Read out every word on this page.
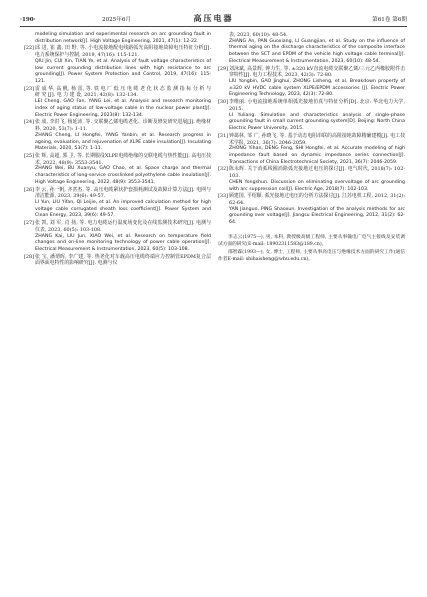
·190·	2025年6月	高压电器	第61卷 第6期

modeling simulation and experimental research on arc grounding fault in distribution network[J]. High Voltage Engineering, 2021, 47(1): 12-22.

[22] 邱 进, 崔 鑫, 田 野, 等. 小电流接地配电线路弧光高阻接地故障电压特征分析[J]. 电力系统保护与控制, 2019, 47(16): 115-121.

QIU Jin, CUI Xin, TIAN Ye, et al. Analysis of fault voltage characteristics of low current grounding distribution lines with high resistance to arc grounding[J]. Power System Protection and Control, 2019, 47(16): 115-121.

[23] 雷 成 华, 高 帆, 杨 雷, 等. 铁 电 厂 低 压 电 缆 老 化 状 态 监 测 指 标 分 析 与 研 究 [J]. 电 力 建 设, 2021, 42(8): 132-134.

LEI Cheng, GAO Fan, YANG Lei, et al. Analysis and research monitoring index of aging status of low-voltage cable in the nuclear power plant[J]. Electric Power Engineering, 2023(8): 132-134.

[24] 张 成, 李洪飞, 杨延沛, 等. 交联聚乙烯电缆老化、诊断及修复研究进展[J]. 绝缘材料, 2020, 53(7): 1-11.

ZHANG Cheng, LI Hongfei, YANG Yanbin, et al. Research progress in ageing, evaluation, and rejuvenation of XLPE cable insulation[J]. Insulating Materials, 2020, 53(7): 1-11.

[25] 张 辉, 高超, 郭 卫, 等. 长期服役XLPE电缆绝缘的交联电缆与热性能[J]. 高电压技术, 2022, 48(9): 3553-3541.

ZHANG Wei, BU Xuanyu, GAO Chao, et al. Space charge and thermal characteristics of long-service crosslinked polyethylene cable insulation[J]. High Voltage Engineering, 2022, 48(9): 3553-3541.

[26] 李 云, 孙一帆, 齐甚杰, 等. 高压电缆紧状护套损耗测试及故障计算方法[J]. 电网与清洁能源, 2023, 39(6): 49-57.

LI Yun, LIU Yifan, QI Leijie, et al. An improved calculation method for high voltage cable corrugated sheath loss coefficient[J]. Power System and Clean Energy, 2023, 39(6): 49-57.

[27] 张 凯, 刘 军, 肖 扬, 等. 电力电缆运行温度场变化及在线监测技术研究[J]. 电测与仪表, 2023, 60(5): 103-108.

ZHANG Kai, LIU Jun, XIAO Wei, et al. Research on temperature field changes and on-line monitoring technology of power cable operation[J]. Electrical Measurement & Instrumentation, 2023, 60(5): 103-108.

[28] 张 宝, 潘谓晖, 李广建, 等. 热老化对车载高压电缆终端应力控制管EPDM复合层面界面电特性的影响研究[J]. 电测与仪

表, 2023, 60(10): 48-54.

ZHANG An, PAN Guoxiang, LI Guangjian, et al. Study on the influence of thermal aging on the discharge characteristics of the composite interface between the SCT and EPDM of the vehicle high voltage cable terminal[J]. Electrical Measurement & Instrumentation, 2023, 60(10): 48-54.

[29] 刘泳斌, 高景辉, 钟力生, 等. ±320 kV直流电缆交联聚乙烯/三元乙丙橡胶附件击穿特性[J]. 电力工程技术, 2023, 42(3): 72-80.

LIU Yongbin, GAO Jinghui, ZHONG Lisheng, et al. Breakdown property of ±320 kV HVDC cable system XLPE/EPDM accessories [J]. Electric Power Engineering Technology, 2023, 42(3): 72-80.

[30] 李维丽. 小电流接地系统单相弧光接地仿真与特征分析[D]. 北京: 华北电力大学, 2015.

LI Yuliang. Simulation and characteristics analysis of single-phase grounding fault in small current grounding system[D]. Beijing: North China Electric Power University, 2015.

[31] 钟蔼林, 邹 广, 孙晓飞, 等. 基于动态电阻串联的高阻接地故障精确建模[J]. 电工技术学报, 2021, 36(7): 2046-2059.

ZHONG Yihan, DENG Feng, SHI Hongfei, et al. Accurate modeling of high impedance fault based on dynamic impedance series connection[J]. Transactions of China Electrotechnical Society, 2021, 36(7): 2046-2059.

[32] 陈永辉. 关于消弧线圈消除弧光接地过电压的探讨[J]. 电气时代, 2018(7): 102-103.

CHEN Yongshun. Discussion on eliminating overvoltage of arc grounding with arc suppression coil[J]. Electric Age, 2018(7): 102-103.

[33] 顾建国, 平绍顺. 弧光接地过电压的分析方法探讨[J]. 江苏电机工程, 2012, 31(2): 62-64.

YAN Jianguo, PING Shaoxun. Investigation of the analysis methods for arc grounding over voltage[J]. Jiangsu Electrical Engineering, 2012, 31(2): 62-64.

李志云(1975—), 男, 本科, 教授级高级工程师, 主要从事输电广电气主接线及安装调试方面的研究(E-mail: 18902311583@189.cn)。

邵智霖(1993—), 女, 博士, 工程师, 主要从事高电压与绝缘技术方面的研究工作(通信作者E-mail: shihaisheng@whu.edu.cn)。
